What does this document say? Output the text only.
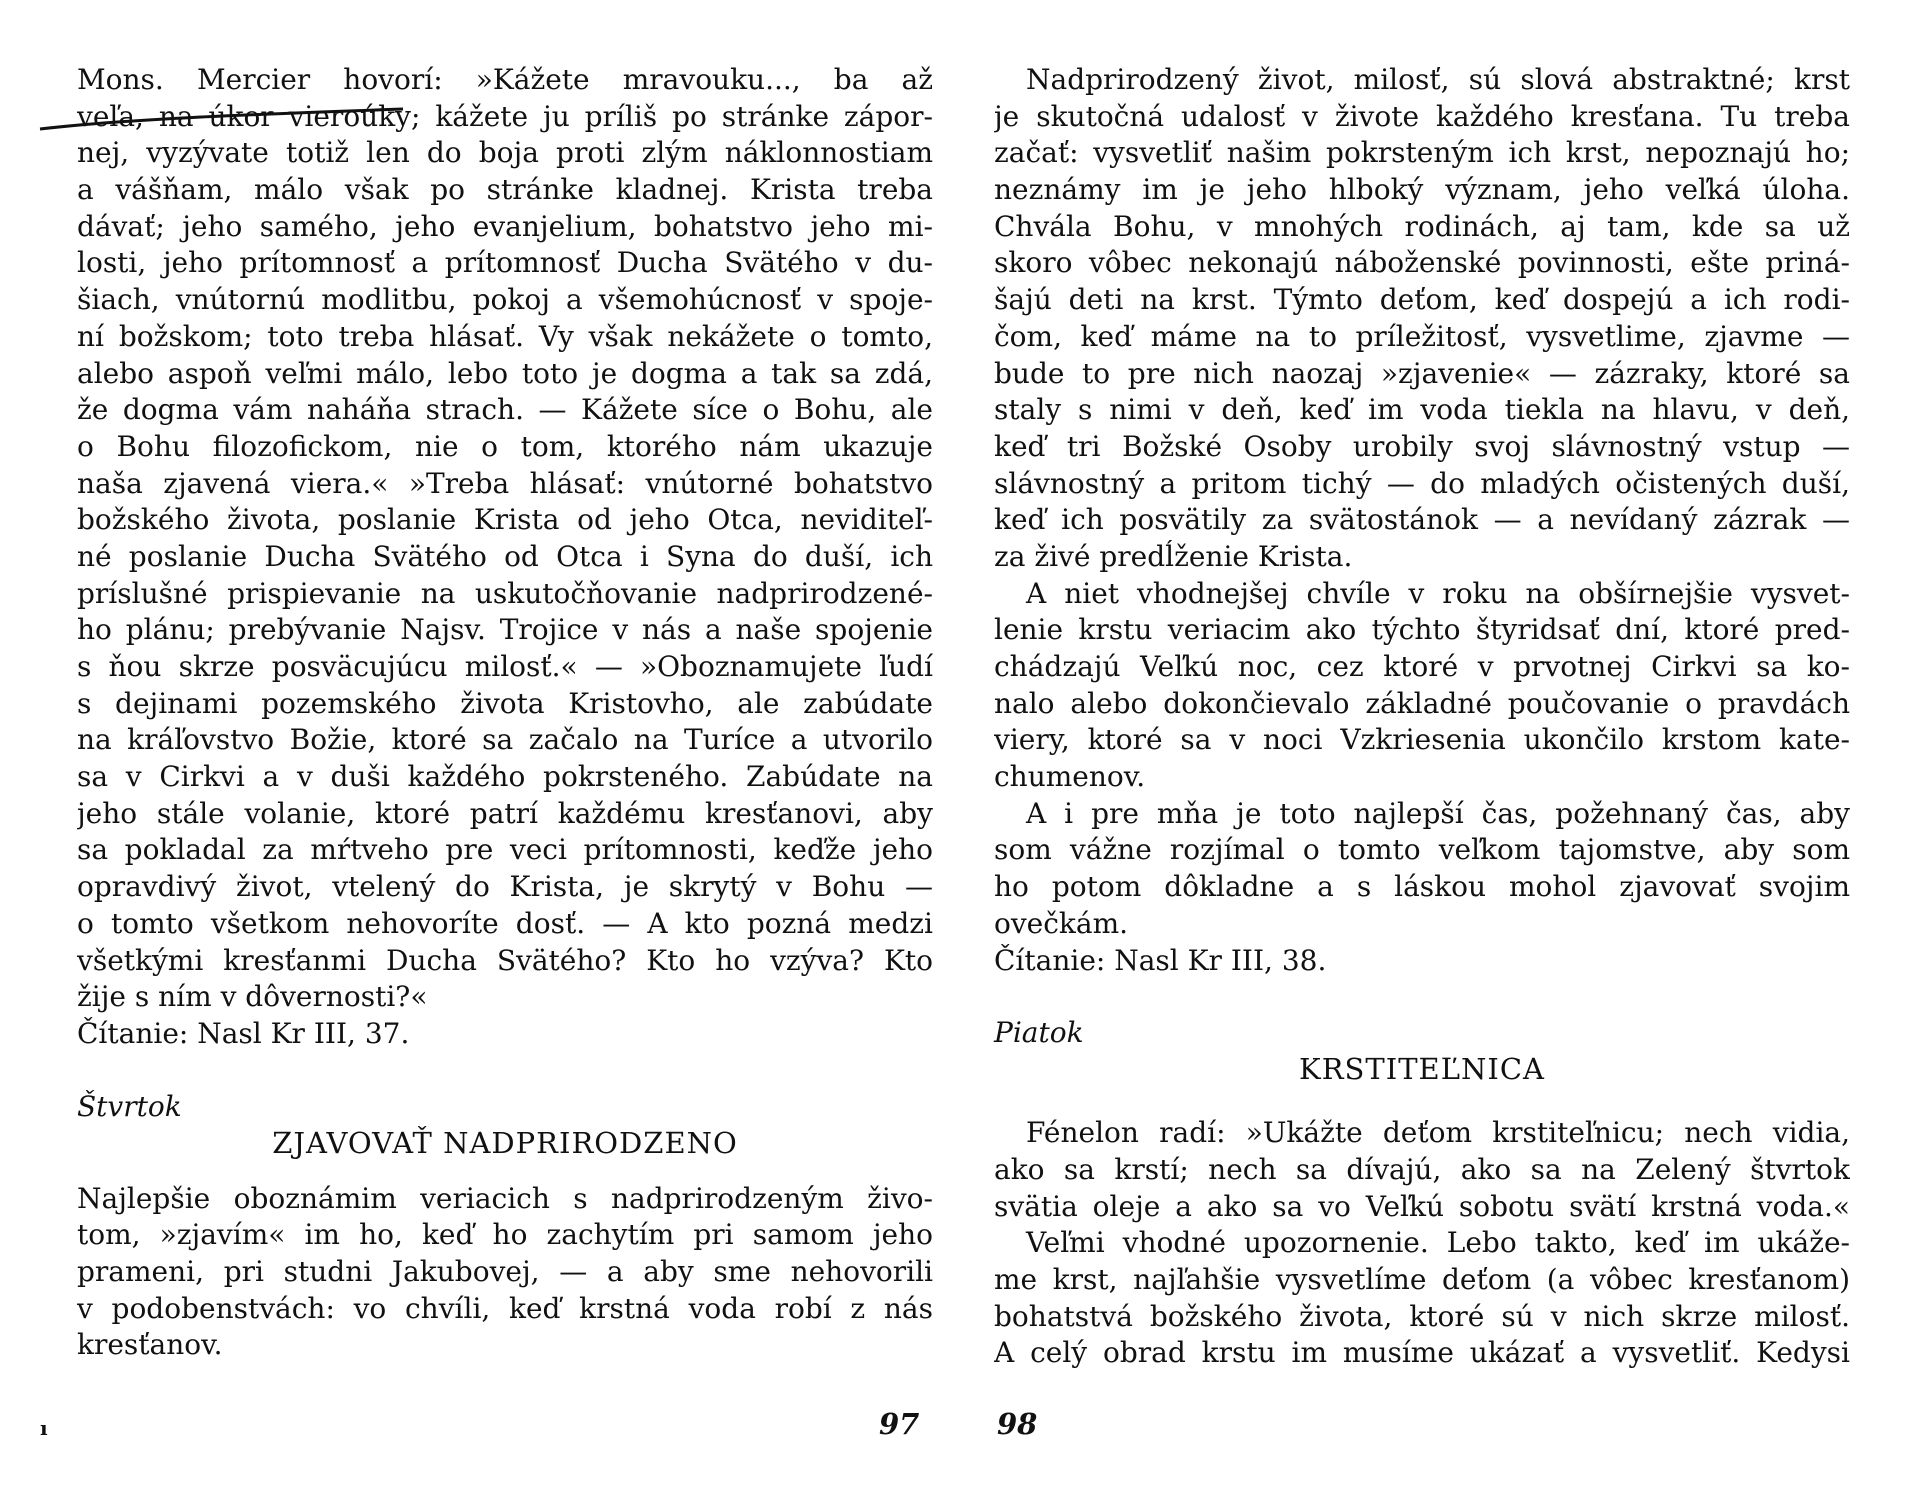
Mons. Mercier hovorí: »Kážete mravouku..., ba až
veľa, na úkor vieroúky; kážete ju príliš po stránke zápor-
nej, vyzývate totiž len do boja proti zlým náklonnostiam
a vášňam, málo však po stránke kladnej. Krista treba
dávať; jeho samého, jeho evanjelium, bohatstvo jeho mi-
losti, jeho prítomnosť a prítomnosť Ducha Svätého v du-
šiach, vnútornú modlitbu, pokoj a všemohúcnosť v spoje-
ní božskom; toto treba hlásať. Vy však nekážete o tomto,
alebo aspoň veľmi málo, lebo toto je dogma a tak sa zdá,
že dogma vám naháňa strach. — Kážete síce o Bohu, ale
o Bohu filozofickom, nie o tom, ktorého nám ukazuje
naša zjavená viera.« »Treba hlásať: vnútorné bohatstvo
božského života, poslanie Krista od jeho Otca, neviditeľ-
né poslanie Ducha Svätého od Otca i Syna do duší, ich
príslušné prispievanie na uskutočňovanie nadprirodzené-
ho plánu; prebývanie Najsv. Trojice v nás a naše spojenie
s ňou skrze posväcujúcu milosť.« — »Oboznamujete ľudí
s dejinami pozemského života Kristovho, ale zabúdate
na kráľovstvo Božie, ktoré sa začalo na Turíce a utvorilo
sa v Cirkvi a v duši každého pokrsteného. Zabúdate na
jeho stále volanie, ktoré patrí každému kresťanovi, aby
sa pokladal za mŕtveho pre veci prítomnosti, keďže jeho
opravdivý život, vtelený do Krista, je skrytý v Bohu —
o tomto všetkom nehovoríte dosť. — A kto pozná medzi
všetkými kresťanmi Ducha Svätého? Kto ho vzýva? Kto
žije s ním v dôvernosti?«
Čítanie: Nasl Kr III, 37.

Štvrtok

ZJAVOVAŤ NADPRIRODZENO

Najlepšie oboznámim veriacich s nadprirodzeným živo-
tom, »zjavím« im ho, keď ho zachytím pri samom jeho
prameni, pri studni Jakubovej, — a aby sme nehovorili
v podobenstvách: vo chvíli, keď krstná voda robí z nás
kresťanov.
ı	97
Nadprirodzený život, milosť, sú slová abstraktné; krst
je skutočná udalosť v živote každého kresťana. Tu treba
začať: vysvetliť našim pokrsteným ich krst, nepoznajú ho;
neznámy im je jeho hlboký význam, jeho veľká úloha.
Chvála Bohu, v mnohých rodinách, aj tam, kde sa už
skoro vôbec nekonajú náboženské povinnosti, ešte priná-
šajú deti na krst. Týmto deťom, keď dospejú a ich rodi-
čom, keď máme na to príležitosť, vysvetlime, zjavme —
bude to pre nich naozaj »zjavenie« — zázraky, ktoré sa
staly s nimi v deň, keď im voda tiekla na hlavu, v deň,
keď tri Božské Osoby urobily svoj slávnostný vstup —
slávnostný a pritom tichý — do mladých očistených duší,
keď ich posvätily za svätostánok — a nevídaný zázrak —
za živé predĺženie Krista.
A niet vhodnejšej chvíle v roku na obšírnejšie vysvet-
lenie krstu veriacim ako týchto štyridsať dní, ktoré pred-
chádzajú Veľkú noc, cez ktoré v prvotnej Cirkvi sa ko-
nalo alebo dokončievalo základné poučovanie o pravdách
viery, ktoré sa v noci Vzkriesenia ukončilo krstom kate-
chumenov.
A i pre mňa je toto najlepší čas, požehnaný čas, aby
som vážne rozjímal o tomto veľkom tajomstve, aby som
ho potom dôkladne a s láskou mohol zjavovať svojim
ovečkám.
Čítanie: Nasl Kr III, 38.

Piatok

KRSTITEĽNICA

Fénelon radí: »Ukážte deťom krstiteľnicu; nech vidia,
ako sa krstí; nech sa dívajú, ako sa na Zelený štvrtok
svätia oleje a ako sa vo Veľkú sobotu svätí krstná voda.«
Veľmi vhodné upozornenie. Lebo takto, keď im ukáže-
me krst, najľahšie vysvetlíme deťom (a vôbec kresťanom)
bohatstvá božského života, ktoré sú v nich skrze milosť.
A celý obrad krstu im musíme ukázať a vysvetliť. Kedysi
98
